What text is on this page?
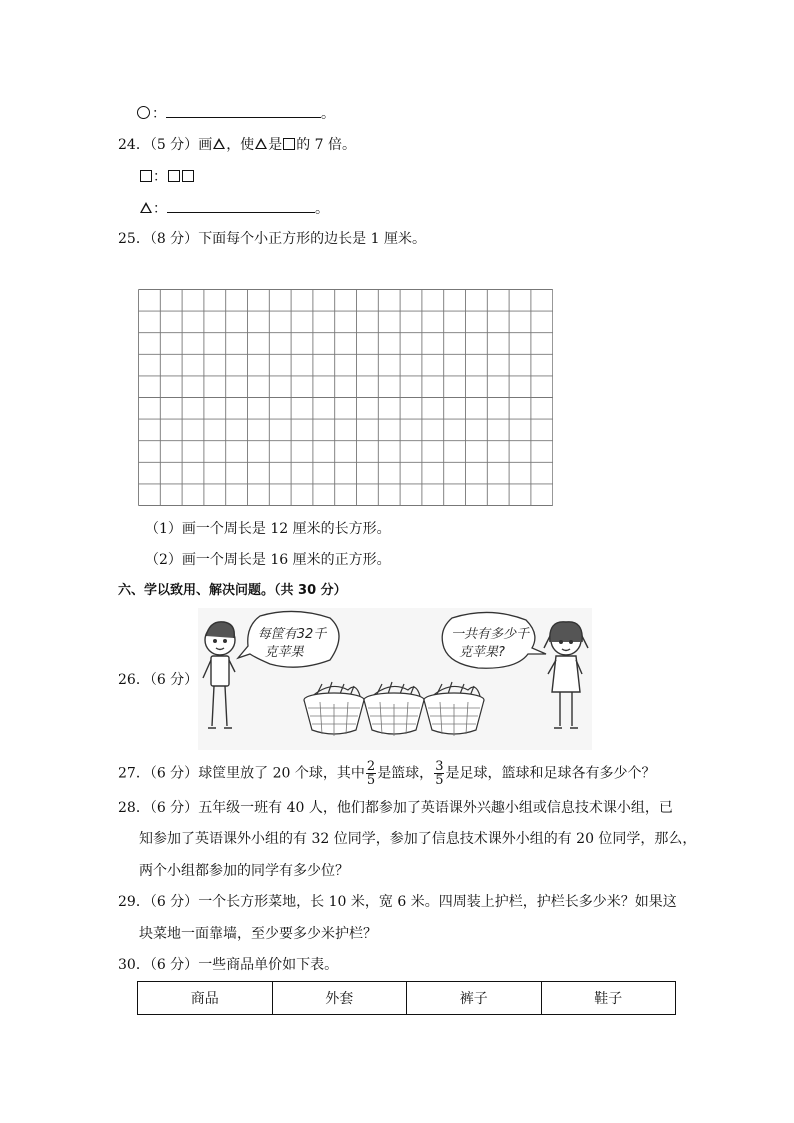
：	。
24．（5 分）画 ，使 是 的 7 倍。
：
：	。
25．（8 分）下面每个小正方形的边长是 1 厘米。
（1）画一个周长是 12 厘米的长方形。
（2）画一个周长是 16 厘米的正方形。
六、学以致用、解决问题。（共 30 分）
26．（6 分）
每筐有32千
克苹果
一共有多少千
克苹果?
27．（6 分）球筐里放了 20 个球，其中 $\frac{2}{5}$ 是篮球， $\frac{3}{5}$ 是足球，篮球和足球各有多少个？
28．（6 分）五年级一班有 40 人，他们都参加了英语课外兴趣小组或信息技术课小组，已
知参加了英语课外小组的有 32 位同学，参加了信息技术课外小组的有 20 位同学，那么，
两个小组都参加的同学有多少位？
29．（6 分）一个长方形菜地，长 10 米，宽 6 米。四周装上护栏，护栏长多少米？如果这
块菜地一面靠墙，至少要多少米护栏？
30．（6 分）一些商品单价如下表。
商品	外套	裤子	鞋子
